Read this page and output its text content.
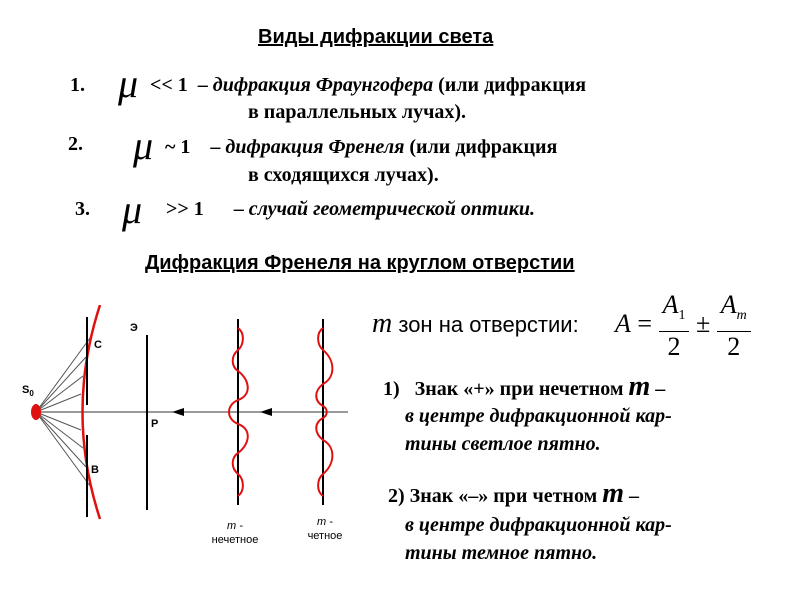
Виды дифракции света
1. μ << 1 – дифракция Фраунгофера (или дифракция
в параллельных лучах).
2. μ ~ 1 – дифракция Френеля (или дифракция
в сходящихся лучах).
3. μ >> 1 – случай геометрической оптики.
Дифракция Френеля на круглом отверстии
$S_0$
C
B
Э
P
m -
нечетное
m -
четное
m зон на отверстии: $A = \frac{A_1}{2} \pm \frac{A_m}{2}$
1) Знак «+» при нечетном m –
в центре дифракционной кар-
тины светлое пятно.
2) Знак «–» при четном m –
в центре дифракционной кар-
тины темное пятно.
